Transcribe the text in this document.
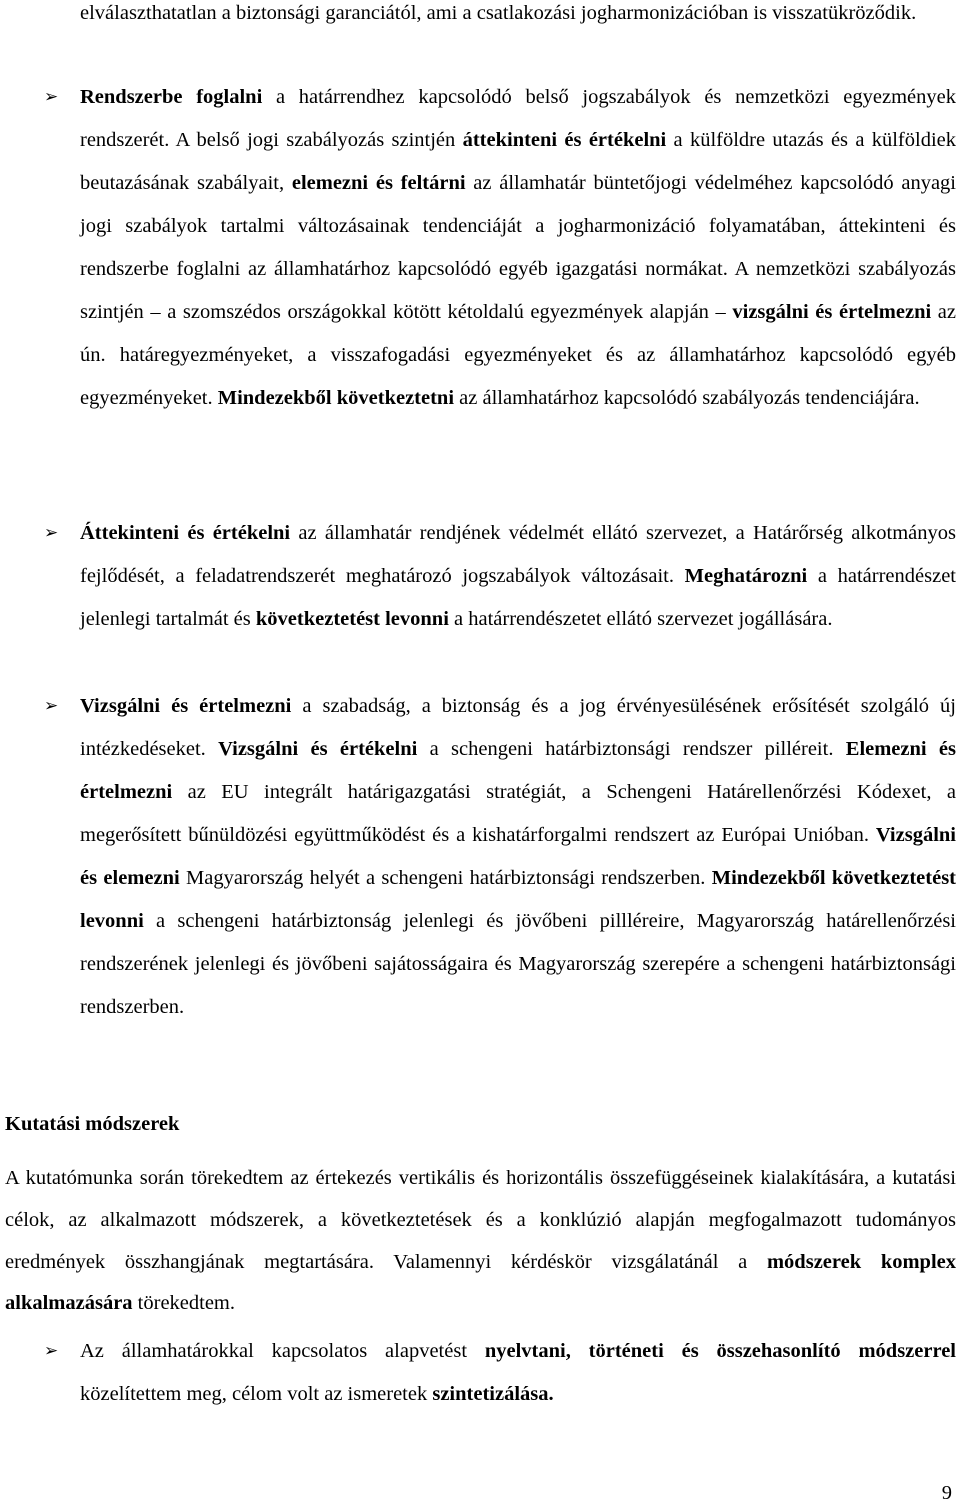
elválaszthatatlan a biztonsági garanciától, ami a csatlakozási jogharmonizációban is visszatükröződik.
➢ Rendszerbe foglalni a határrendhez kapcsolódó belső jogszabályok és nemzetközi egyezmények rendszerét. A belső jogi szabályozás szintjén áttekinteni és értékelni a külföldre utazás és a külföldiek beutazásának szabályait, elemezni és feltárni az államhatár büntetőjogi védelméhez kapcsolódó anyagi jogi szabályok tartalmi változásainak tendenciáját a jogharmonizáció folyamatában, áttekinteni és rendszerbe foglalni az államhatárhoz kapcsolódó egyéb igazgatási normákat. A nemzetközi szabályozás szintjén – a szomszédos országokkal kötött kétoldalú egyezmények alapján – vizsgálni és értelmezni az ún. határegyezményeket, a visszafogadási egyezményeket és az államhatárhoz kapcsolódó egyéb egyezményeket. Mindezekből következtetni az államhatárhoz kapcsolódó szabályozás tendenciájára.
➢ Áttekinteni és értékelni az államhatár rendjének védelmét ellátó szervezet, a Határőrség alkotmányos fejlődését, a feladatrendszerét meghatározó jogszabályok változásait. Meghatározni a határrendészet jelenlegi tartalmát és következtetést levonni a határrendészetet ellátó szervezet jogállására.
➢ Vizsgálni és értelmezni a szabadság, a biztonság és a jog érvényesülésének erősítését szolgáló új intézkedéseket. Vizsgálni és értékelni a schengeni határbiztonsági rendszer pilléreit. Elemezni és értelmezni az EU integrált határigazgatási stratégiát, a Schengeni Határellenőrzési Kódexet, a megerősített bűnüldözési együttműködést és a kishatárforgalmi rendszert az Európai Unióban. Vizsgálni és elemezni Magyarország helyét a schengeni határbiztonsági rendszerben. Mindezekből következtetést levonni a schengeni határbiztonság jelenlegi és jövőbeni pillléreire, Magyarország határellenőrzési rendszerének jelenlegi és jövőbeni sajátosságaira és Magyarország szerepére a schengeni határbiztonsági rendszerben.
Kutatási módszerek
A kutatómunka során törekedtem az értekezés vertikális és horizontális összefüggéseinek kialakítására, a kutatási célok, az alkalmazott módszerek, a következtetések és a konklúzió alapján megfogalmazott tudományos eredmények összhangjának megtartására. Valamennyi kérdéskör vizsgálatánál a módszerek komplex alkalmazására törekedtem.
➢ Az államhatárokkal kapcsolatos alapvetést nyelvtani, történeti és összehasonlító módszerrel közelítettem meg, célom volt az ismeretek szintetizálása.
9
